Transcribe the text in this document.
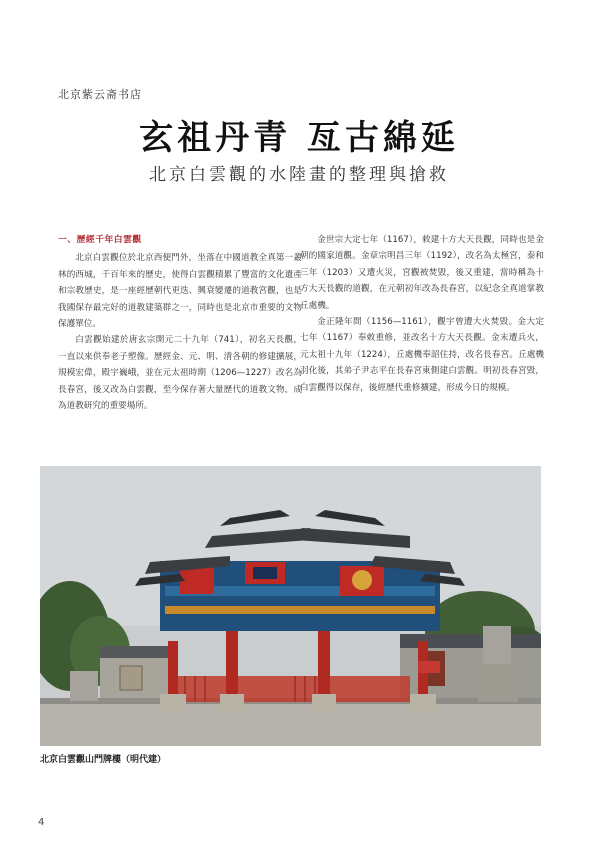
北京紫云斋书店
玄祖丹青 亙古綿延
北京白雲觀的水陸畫的整理與搶救
一、歷經千年白雲觀

北京白雲觀位於北京西便門外，坐落在中國道教全真第一叢林的西城，千百年來的歷史，使得白雲觀積累了豐富的文化遺產和宗教歷史，是一座經歷朝代更迭、興衰變遷的道教宮觀，也是我國保存最完好的道教建築群之一，同時也是北京市重要的文物保護單位。

白雲觀始建於唐玄宗開元二十九年（741），初名天長觀，一直以來供奉老子塑像。歷經金、元、明、清各朝的修建擴展，規模宏偉，殿宇巍峨，並在元太祖時期（1206—1227）改名為長春宮，後又改為白雲觀，至今保存著大量歷代的道教文物，成為道教研究的重要場所。

金世宗大定七年（1167），敕建十方大天長觀，同時也是金朝的國家道觀。金章宗明昌三年（1192），改名為太極宮，泰和三年（1203）又遭火災，宮觀被焚毀，後又重建，當時稱為十方大天長觀的道觀，在元朝初年改為長春宮，以紀念全真道掌教丘處機。

金正隆年間（1156—1161），觀宇曾遭大火焚毀。金大定七年（1167）奉敕重修，並改名十方大天長觀。金末遭兵火，元太祖十九年（1224），丘處機奉詔住持，改名長春宮。丘處機羽化後，其弟子尹志平在長春宮東側建白雲觀。明初長春宮毀，白雲觀得以保存，後經歷代重修擴建，形成今日的規模。

北京白雲觀山門牌樓（明代建）
4
